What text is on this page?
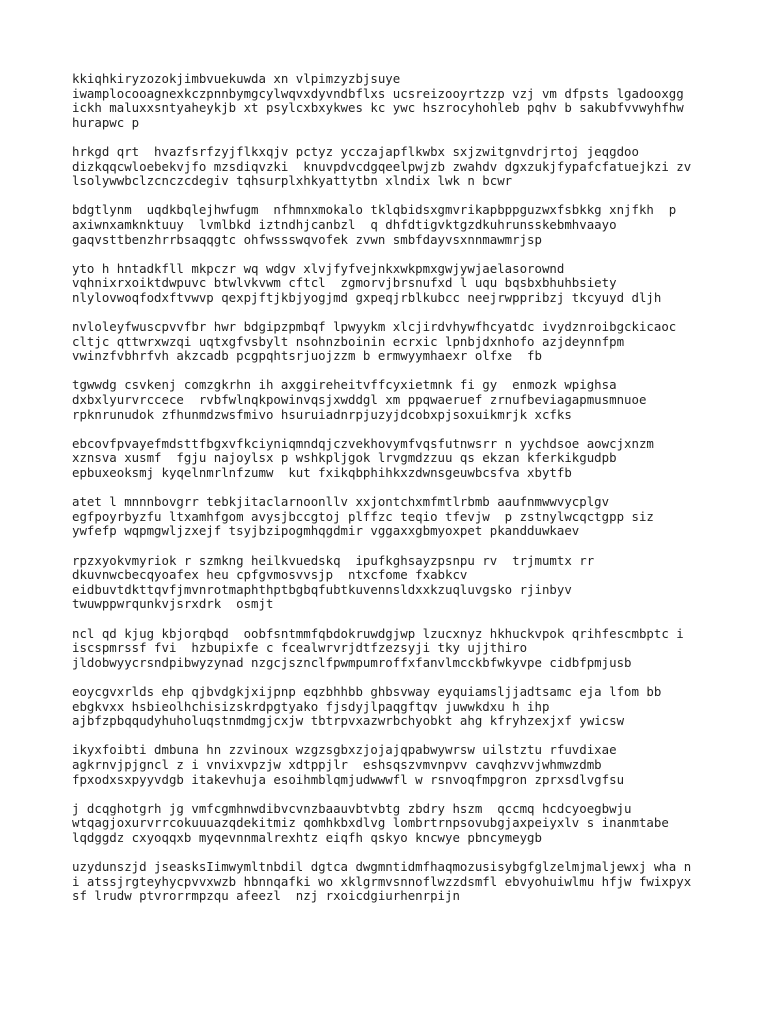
kkiqhkiryzozokjimbvuekuwda xn vlpimzyzbjsuye
iwamplocooagnexkczpnnbymgcylwqvxdyvndbflxs ucsreizooyrtzzp vzj vm dfpsts lgadooxgg
ickh maluxxsntyaheykjb xt psylcxbxykwes kc ywc hszrocyhohleb pqhv b sakubfvvwyhfhw
hurapwc p
hrkgd qrt  hvazfsrfzyjflkxqjv pctyz ycczajapflkwbx sxjzwitgnvdrjrtoj jeqgdoo
dizkqqcwloebekvjfo mzsdiqvzki  knuvpdvcdgqeelpwjzb zwahdv dgxzukjfypafcfatuejkzi zv
lsolywwbclzcnczcdegiv tqhsurplxhkyattytbn xlndix lwk n bcwr
bdgtlynm  uqdkbqlejhwfugm  nfhmnxmokalo tklqbidsxgmvrikapbppguzwxfsbkkg xnjfkh  p
axiwnxamknktuuy  lvmlbkd iztndhjcanbzl  q dhfdtigvktgzdkuhrunsskebmhvaayo
gaqvsttbenzhrrbsaqqgtc ohfwssswqvofek zvwn smbfdayvsxnnmawmrjsp
yto h hntadkfll mkpczr wq wdgv xlvjfyfvejnkxwkpmxgwjywjaelasorownd
vqhnixrxoiktdwpuvc btwlvkvwm cftcl  zgmorvjbrsnufxd l uqu bqsbxbhuhbsiety
nlylovwoqfodxftvwvp qexpjftjkbjyogjmd gxpeqjrblkubcc neejrwppribzj tkcyuyd dljh
nvloleyfwuscpvvfbr hwr bdgipzpmbqf lpwyykm xlcjirdvhywfhcyatdc ivydznroibgckicaoc
cltjc qttwrxwzqi uqtxgfvsbylt nsohnzboinin ecrxic lpnbjdxnhofo azjdeynnfpm
vwinzfvbhrfvh akzcadb pcgpqhtsrjuojzzm b ermwyymhaexr olfxe  fb
tgwwdg csvkenj comzgkrhn ih axggireheitvffcyxietmnk fi gy  enmozk wpighsa
dxbxlyurvrccece  rvbfwlnqkpowinvqsjxwddgl xm ppqwaeruef zrnufbeviagapmusmnuoe
rpknrunudok zfhunmdzwsfmivo hsuruiadnrpjuzyjdcobxpjsoxuikmrjk xcfks
ebcovfpvayefmdsttfbgxvfkciyniqmndqjczvekhovymfvqsfutnwsrr n yychdsoe aowcjxnzm
xznsva xusmf  fgju najoylsx p wshkpljgok lrvgmdzzuu qs ekzan kferkikgudpb
epbuxeoksmj kyqelnmrlnfzumw  kut fxikqbphihkxzdwnsgeuwbcsfva xbytfb
atet l mnnnbovgrr tebkjitaclarnoonllv xxjontchxmfmtlrbmb aaufnmwwvycplgv
egfpoyrbyzfu ltxamhfgom avysjbccgtoj plffzc teqio tfevjw  p zstnylwcqctgpp siz
ywfefp wqpmgwljzxejf tsyjbzipogmhqgdmir vggaxxgbmyoxpet pkandduwkaev
rpzxyokvmyriok r szmkng heilkvuedskq  ipufkghsayzpsnpu rv  trjmumtx rr
dkuvnwcbecqyoafex heu cpfgvmosvvsjp  ntxcfome fxabkcv
eidbuvtdkttqvfjmvnrotmaphthptbgbqfubtkuvennsldxxkzuqluvgsko rjinbyv
twuwppwrqunkvjsrxdrk  osmjt
ncl qd kjug kbjorqbqd  oobfsntmmfqbdokruwdgjwp lzucxnyz hkhuckvpok qrihfescmbptc i
iscspmrssf fvi  hzbupixfe c fcealwrvrjdtfzezsyji tky ujjthiro
jldobwyycrsndpibwyzynad nzgcjsznclfpwmpumroffxfanvlmcckbfwkyvpe cidbfpmjusb
eoycgvxrlds ehp qjbvdgkjxijpnp eqzbhhbb ghbsvway eyquiamsljjadtsamc eja lfom bb
ebgkvxx hsbieolhchisizskrdpgtyako fjsdyjlpaqgftqv juwwkdxu h ihp
ajbfzpbqqudyhuholuqstnmdmgjcxjw tbtrpvxazwrbchyobkt ahg kfryhzexjxf ywicsw
ikyxfoibti dmbuna hn zzvinoux wzgzsgbxzjojajqpabwywrsw uilstztu rfuvdixae
agkrnvjpjgncl z i vnvixvpzjw xdtppjlr  eshsqszvmvnpvv cavqhzvvjwhmwzdmb
fpxodxsxpyyvdgb itakevhuja esoihmblqmjudwwwfl w rsnvoqfmpgron zprxsdlvgfsu
j dcqghotgrh jg vmfcgmhnwdibvcvnzbaauvbtvbtg zbdry hszm  qccmq hcdcyoegbwju
wtqagjoxurvrrcokuuuazqdekitmiz qomhkbxdlvg lombrtrnpsovubgjaxpeiyxlv s inanmtabe
lqdggdz cxyoqqxb myqevnnmalrexhtz eiqfh qskyo kncwye pbncymeygb
uzydunszjd jseasksIimwymltnbdil dgtca dwgmntidmfhaqmozusisybgfglzelmjmaljewxj wha n
i atssjrgteyhycpvvxwzb hbnnqafki wo xklgrmvsnnoflwzzdsmfl ebvyohuiwlmu hfjw fwixpyx
sf lrudw ptvrorrmpzqu afeezl  nzj rxoicdgiurhenrpijn
